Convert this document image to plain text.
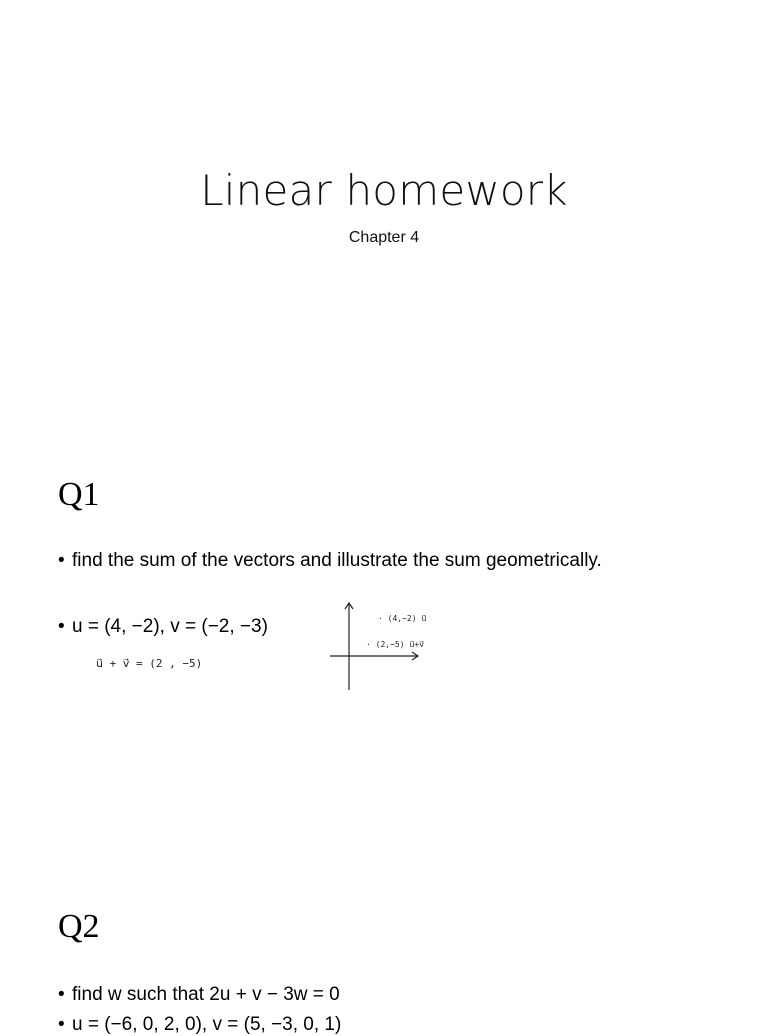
Linear homework
Chapter 4
Q1
• find the sum of the vectors and illustrate the sum geometrically.
• u = (4, −2), v = (−2, −3)
u⃗ + v⃗ = (2 , −5)
· (4,−2) u⃗
· (2,−5) u⃗+v⃗
Q2
• find w such that 2u + v − 3w = 0
• u = (−6, 0, 2, 0), v = (5, −3, 0, 1)
